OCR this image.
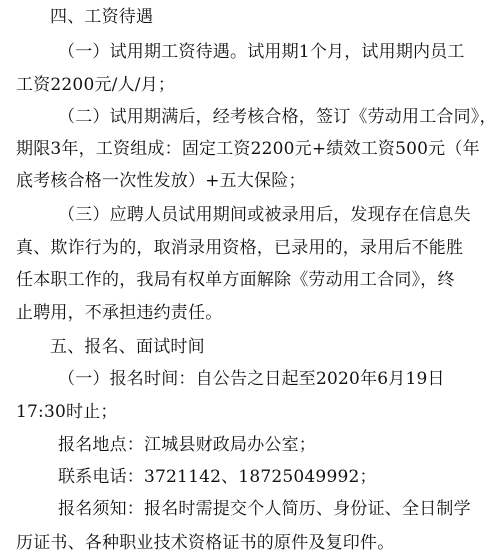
四、工资待遇
（一）试用期工资待遇。试用期1个月，试用期内员工
工资2200元/人/月；
（二）试用期满后，经考核合格，签订《劳动用工合同》，
期限3年，工资组成：固定工资2200元+绩效工资500元（年
底考核合格一次性发放）+五大保险；
（三）应聘人员试用期间或被录用后，发现存在信息失
真、欺诈行为的，取消录用资格，已录用的，录用后不能胜
任本职工作的，我局有权单方面解除《劳动用工合同》，终
止聘用，不承担违约责任。
五、报名、面试时间
（一）报名时间：自公告之日起至2020年6月19日
17:30时止；
报名地点：江城县财政局办公室；
联系电话：3721142、18725049992；
报名须知：报名时需提交个人简历、身份证、全日制学
历证书、各种职业技术资格证书的原件及复印件。
